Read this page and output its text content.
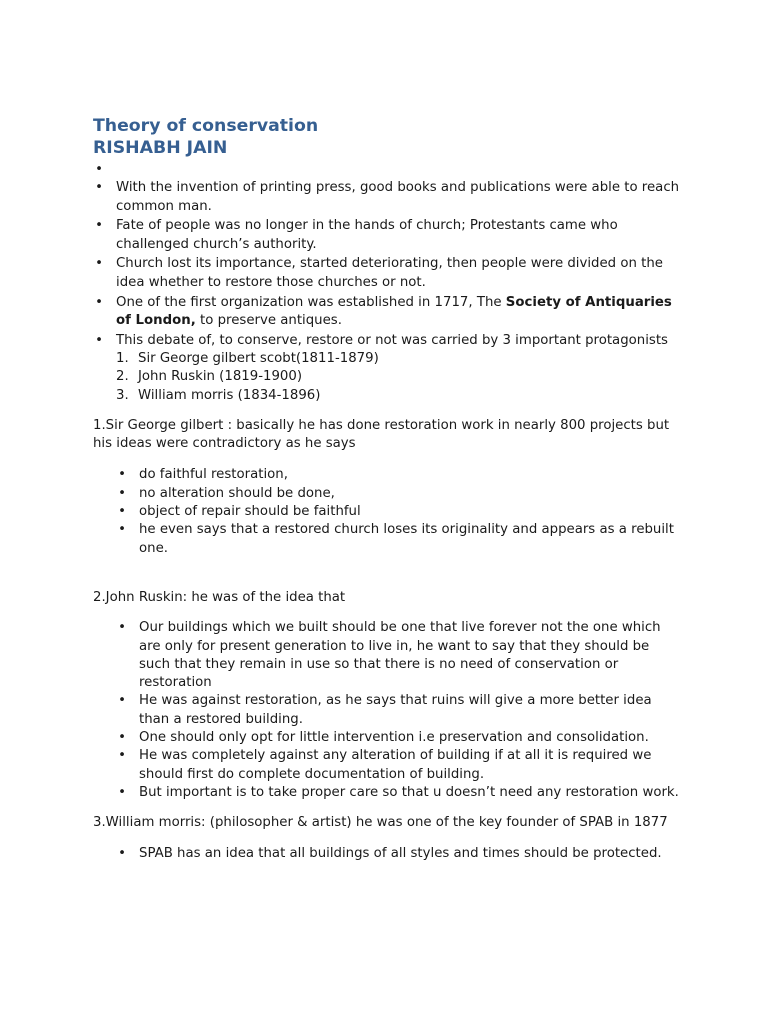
Theory of conservation
RISHABH JAIN
•
• With the invention of printing press, good books and publications were able to reach common man.
• Fate of people was no longer in the hands of church; Protestants came who challenged church’s authority.
• Church lost its importance, started deteriorating, then people were divided on the idea whether to restore those churches or not.
• One of the first organization was established in 1717, The Society of Antiquaries of London, to preserve antiques.
• This debate of, to conserve, restore or not was carried by 3 important protagonists
1. Sir George gilbert scobt(1811-1879)
2. John Ruskin (1819-1900)
3. William morris (1834-1896)

1.Sir George gilbert : basically he has done restoration work in nearly 800 projects but his ideas were contradictory as he says

• do faithful restoration,
• no alteration should be done,
• object of repair should be faithful
• he even says that a restored church loses its originality and appears as a rebuilt one.

2.John Ruskin: he was of the idea that

• Our buildings which we built should be one that live forever not the one which are only for present generation to live in, he want to say that they should be such that they remain in use so that there is no need of conservation or restoration
• He was against restoration, as he says that ruins will give a more better idea than a restored building.
• One should only opt for little intervention i.e preservation and consolidation.
• He was completely against any alteration of building if at all it is required we should first do complete documentation of building.
• But important is to take proper care so that u doesn’t need any restoration work.

3.William morris: (philosopher & artist) he was one of the key founder of SPAB in 1877

• SPAB has an idea that all buildings of all styles and times should be protected.
